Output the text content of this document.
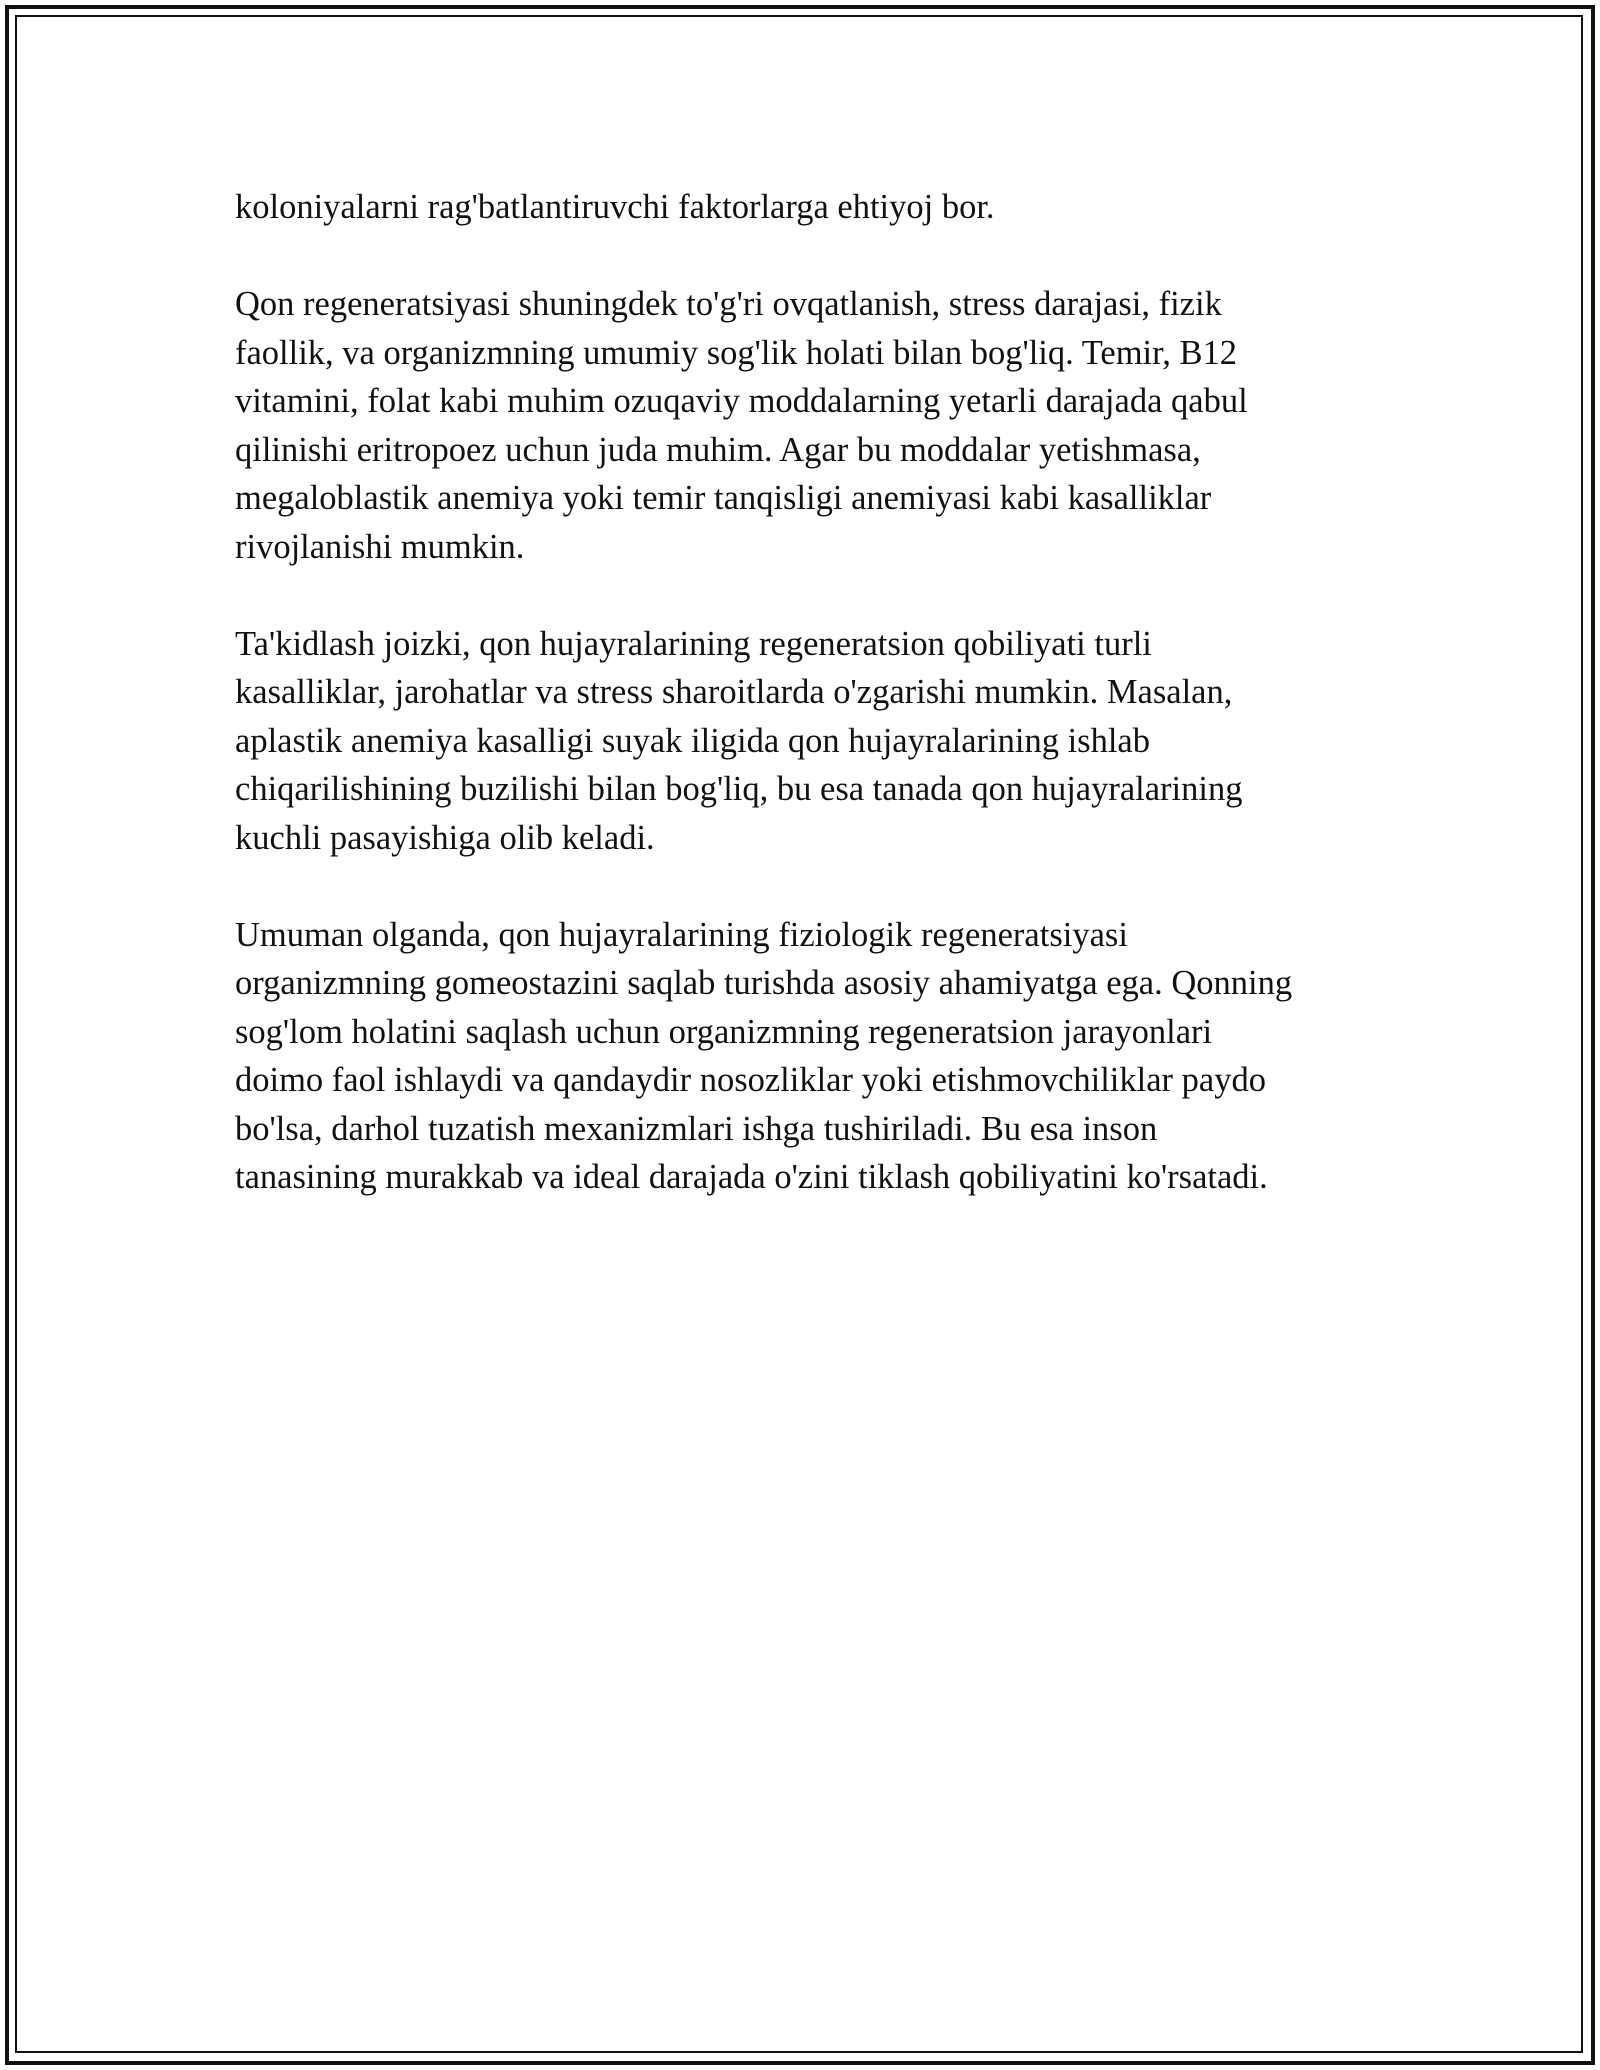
koloniyalarni rag'batlantiruvchi faktorlarga ehtiyoj bor.

Qon regeneratsiyasi shuningdek to'g'ri ovqatlanish, stress darajasi, fizik
faollik, va organizmning umumiy sog'lik holati bilan bog'liq. Temir, B12
vitamini, folat kabi muhim ozuqaviy moddalarning yetarli darajada qabul
qilinishi eritropoez uchun juda muhim. Agar bu moddalar yetishmasa,
megaloblastik anemiya yoki temir tanqisligi anemiyasi kabi kasalliklar
rivojlanishi mumkin.

Ta'kidlash joizki, qon hujayralarining regeneratsion qobiliyati turli
kasalliklar, jarohatlar va stress sharoitlarda o'zgarishi mumkin. Masalan,
aplastik anemiya kasalligi suyak iligida qon hujayralarining ishlab
chiqarilishining buzilishi bilan bog'liq, bu esa tanada qon hujayralarining
kuchli pasayishiga olib keladi.

Umuman olganda, qon hujayralarining fiziologik regeneratsiyasi
organizmning gomeostazini saqlab turishda asosiy ahamiyatga ega. Qonning
sog'lom holatini saqlash uchun organizmning regeneratsion jarayonlari
doimo faol ishlaydi va qandaydir nosozliklar yoki etishmovchiliklar paydo
bo'lsa, darhol tuzatish mexanizmlari ishga tushiriladi. Bu esa inson
tanasining murakkab va ideal darajada o'zini tiklash qobiliyatini ko'rsatadi.
